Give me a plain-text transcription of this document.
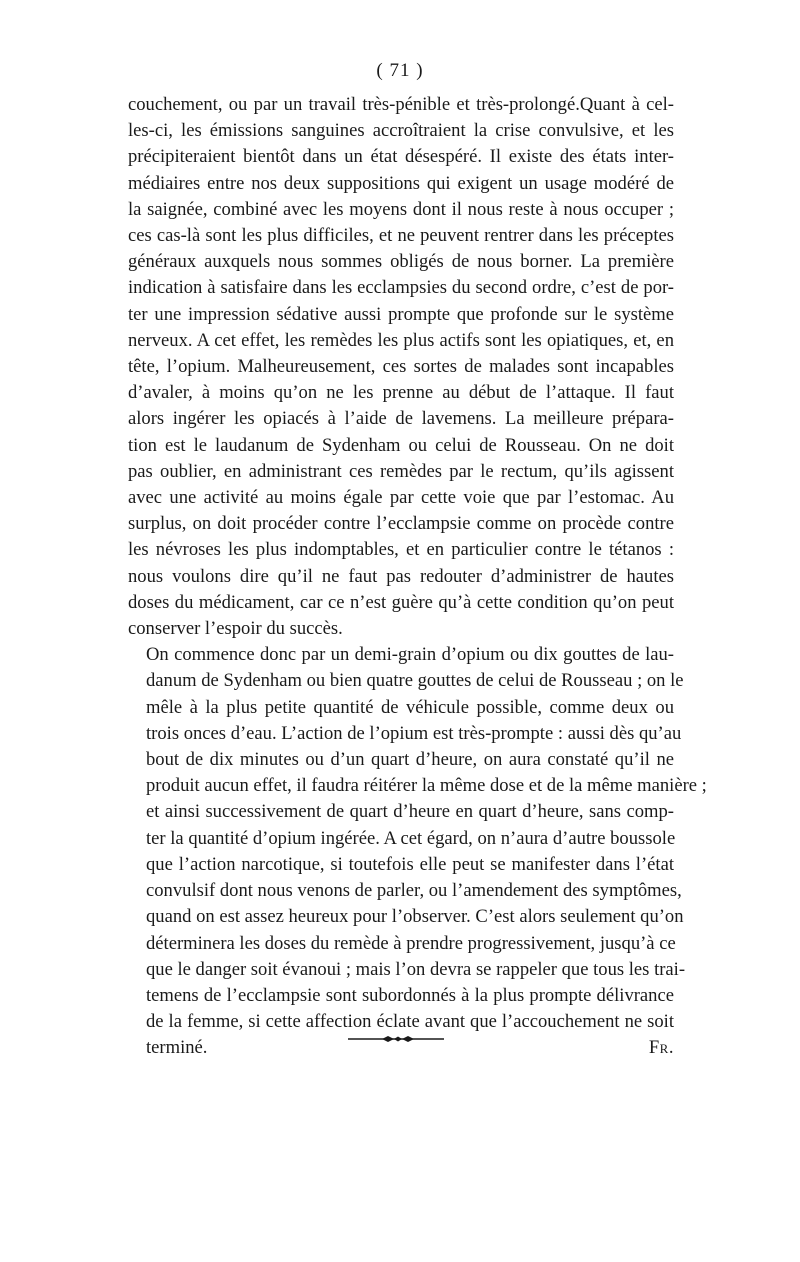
( 71 )
couchement, ou par un travail très-pénible et très-prolongé.Quant à cel-
les-ci, les émissions sanguines accroîtraient la crise convulsive, et les
précipiteraient bientôt dans un état désespéré. Il existe des états inter-
médiaires entre nos deux suppositions qui exigent un usage modéré de
la saignée, combiné avec les moyens dont il nous reste à nous occuper ;
ces cas-là sont les plus difficiles, et ne peuvent rentrer dans les préceptes
généraux auxquels nous sommes obligés de nous borner. La première
indication à satisfaire dans les ecclampsies du second ordre, c’est de por-
ter une impression sédative aussi prompte que profonde sur le système
nerveux. A cet effet, les remèdes les plus actifs sont les opiatiques, et, en
tête, l’opium. Malheureusement, ces sortes de malades sont incapables
d’avaler, à moins qu’on ne les prenne au début de l’attaque. Il faut
alors ingérer les opiacés à l’aide de lavemens. La meilleure prépara-
tion est le laudanum de Sydenham ou celui de Rousseau. On ne doit
pas oublier, en administrant ces remèdes par le rectum, qu’ils agissent
avec une activité au moins égale par cette voie que par l’estomac. Au
surplus, on doit procéder contre l’ecclampsie comme on procède contre
les névroses les plus indomptables, et en particulier contre le tétanos :
nous voulons dire qu’il ne faut pas redouter d’administrer de hautes
doses du médicament, car ce n’est guère qu’à cette condition qu’on peut
conserver l’espoir du succès.
On commence donc par un demi-grain d’opium ou dix gouttes de lau-
danum de Sydenham ou bien quatre gouttes de celui de Rousseau ; on le
mêle à la plus petite quantité de véhicule possible, comme deux ou
trois onces d’eau. L’action de l’opium est très-prompte : aussi dès qu’au
bout de dix minutes ou d’un quart d’heure, on aura constaté qu’il ne
produit aucun effet, il faudra réitérer la même dose et de la même manière ;
et ainsi successivement de quart d’heure en quart d’heure, sans comp-
ter la quantité d’opium ingérée. A cet égard, on n’aura d’autre boussole
que l’action narcotique, si toutefois elle peut se manifester dans l’état
convulsif dont nous venons de parler, ou l’amendement des symptômes,
quand on est assez heureux pour l’observer. C’est alors seulement qu’on
déterminera les doses du remède à prendre progressivement, jusqu’à ce
que le danger soit évanoui ; mais l’on devra se rappeler que tous les trai-
temens de l’ecclampsie sont subordonnés à la plus prompte délivrance
de la femme, si cette affection éclate avant que l’accouchement ne soit
terminé.	Fr.
